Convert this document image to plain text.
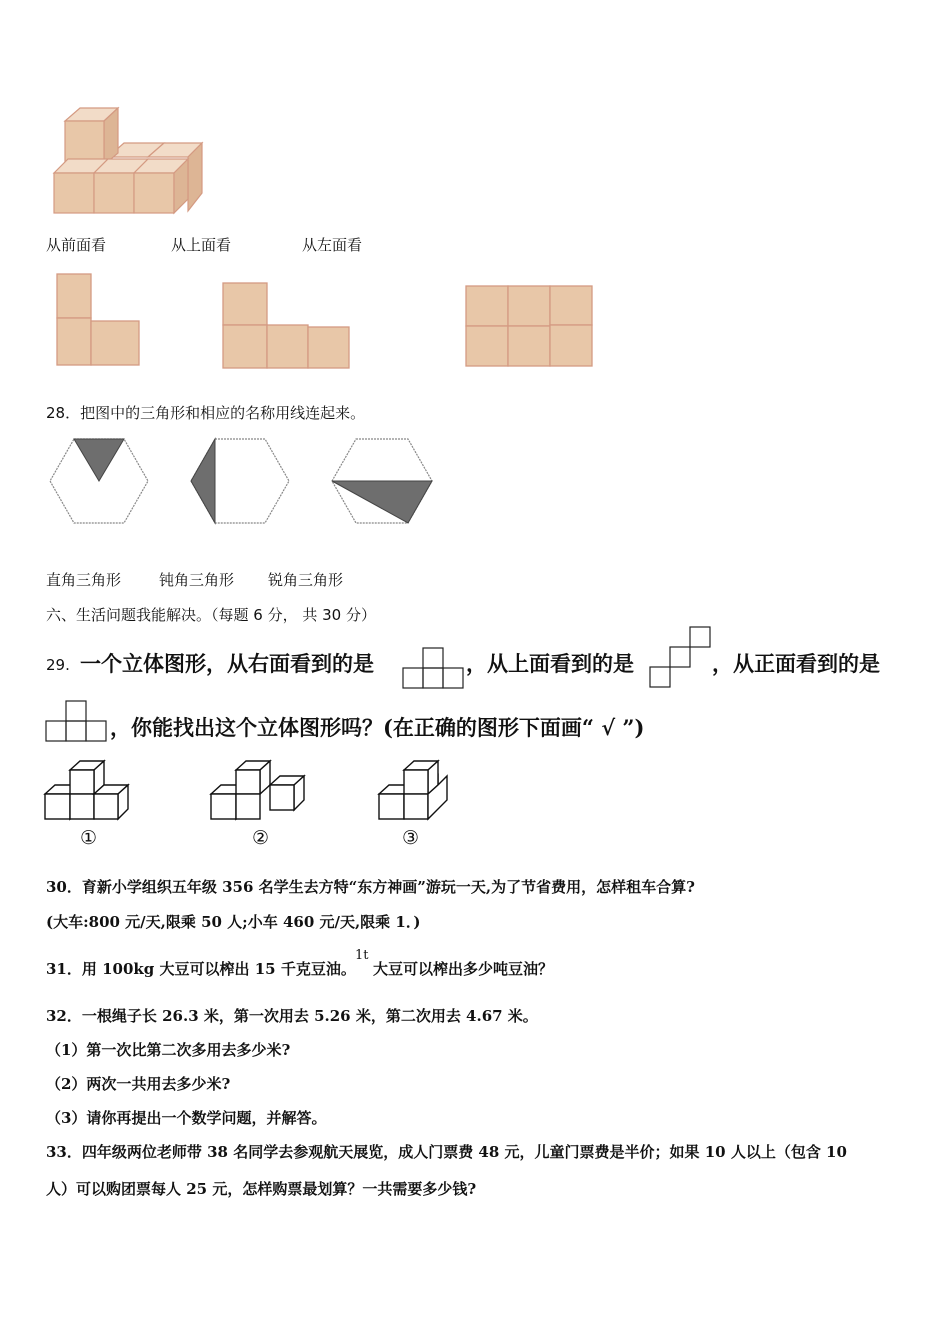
从前面看	从上面看	从左面看
28．把图中的三角形和相应的名称用线连起来。
直角三角形	钝角三角形 锐角三角形
六、生活问题我能解决。（每题 6 分， 共 30 分）
29. 一个立体图形，从右面看到的是	，从上面看到的是	，从正面看到的是
，你能找出这个立体图形吗？(在正确的图形下面画“ √ ”)
①	②	③
30．育新小学组织五年级 356 名学生去方特“东方神画”游玩一天,为了节省费用，怎样租车合算?
(大车:800 元/天,限乘 50 人;小车 460 元/天,限乘 1．)
31．用 100kg 大豆可以榨出 15 千克豆油。
1t
大豆可以榨出多少吨豆油？
32．一根绳子长 26.3 米，第一次用去 5.26 米，第二次用去 4.67 米。
（1）第一次比第二次多用去多少米?
（2）两次一共用去多少米?
（3）请你再提出一个数学问题，并解答。
33．四年级两位老师带 38 名同学去参观航天展览，成人门票费 48 元，儿童门票费是半价；如果 10 人以上（包含 10
人）可以购团票每人 25 元，怎样购票最划算？一共需要多少钱?
